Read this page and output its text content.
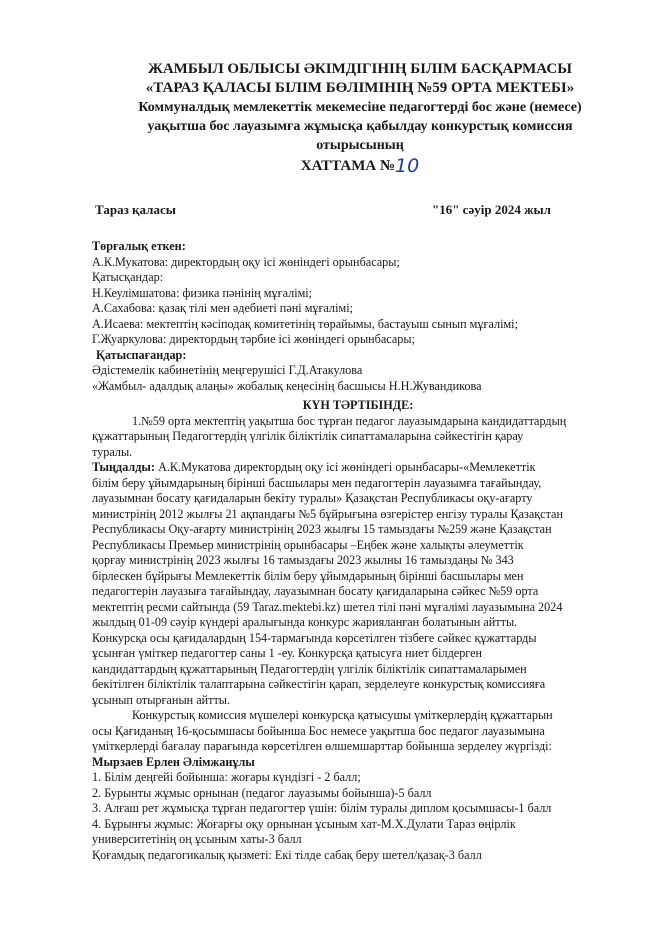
ЖАМБЫЛ ОБЛЫСЫ ӘКІМДІГІНІҢ БІЛІМ БАСҚАРМАСЫ
«ТАРАЗ ҚАЛАСЫ БІЛІМ БӨЛІМІНІҢ №59 ОРТА МЕКТЕБІ»
Коммуналдық мемлекеттік мекемесіне педагогтерді бос және (немесе)
уақытша бос лауазымға жұмысқа қабылдау конкурстық комиссия
отырысының
ХАТТАМА №10
Тараз қаласы	"16" сәуір 2024 жыл
Төрғалық еткен:
А.К.Мукатова: директордың оқу ісі жөніндегі орынбасары;
Қатысқандар:
Н.Кеулімшатова: физика пәнінің мұғалімі;
А.Сахабова: қазақ тілі мен әдебиеті пәні мұғалімі;
А.Исаева: мектептің кәсіподақ комитетінің төрайымы, бастауыш сынып мұғалімі;
Г.Жуаркулова: директордың тәрбие ісі жөніндегі орынбасары;
Қатыспағандар:
Әдістемелік кабинетінің меңгерушісі Г.Д.Атакулова
«Жамбыл- адалдық алаңы» жобалық кеңесінің басшысы Н.Н.Жувандикова
КҮН ТӘРТІБІНДЕ:
1.№59 орта мектептің уақытша бос тұрған педагог лауазымдарына кандидаттардың
құжаттарының Педагогтердің үлгілік біліктілік сипаттамаларына сәйкестігін қарау
туралы.
Тыңдалды: А.К.Мукатова директордың оқу ісі жөніндегі орынбасары-«Мемлекеттік
білім беру ұйымдарының бірінші басшылары мен педагогтерін лауазымға тағайындау,
лауазымнан босату қағидаларын бекіту туралы» Қазақстан Республикасы оқу-ағарту
министрінің 2012 жылғы 21 ақпандағы №5 бұйрығына өзгерістер енгізу туралы Қазақстан
Республикасы Оқу-ағарту министрінің 2023 жылғы 15 тамыздағы №259 және Қазақстан
Республикасы Премьер министрінің орынбасары –Еңбек және халықты әлеуметтік
қорғау министрінің 2023 жылғы 16 тамыздағы 2023 жылны 16 тамыздаңы № 343
бірлескен бұйрығы Мемлекеттік білім беру ұйымдарының бірінші басшылары мен
педагогтерін лауазыға тағайындау, лауазымнан босату қағидаларына сәйкес №59 орта
мектептің ресми сайтында (59 Taraz.mektebi.kz) шетел тілі пәні мұғалімі лауазымына 2024
жылдың 01-09 сәуір күндері аралығында конкурс жарияланған болатынын айтты.
Конкурсқа осы қағидалардың 154-тармағында көрсетілген тізбеге сәйкес құжаттарды
ұсынған үміткер педагогтер саны 1 -еу. Конкурсқа қатысуға ниет білдерген
кандидаттардың құжаттарының Педагогтердің үлгілік біліктілік сипаттамаларымен
бекітілген біліктілік талаптарына сәйкестігін қарап, зерделеуге конкурстық комиссияға
ұсынып отырғанын айтты.
Конкурстық комиссия мүшелері конкурсқа қатысушы үміткерлердің құжаттарын
осы Қағиданың 16-қосымшасы бойынша Бос немесе уақытша бос педагог лауазымына
үміткерлерді бағалау парағында көрсетілген өлшемшарттар бойынша зерделеу жүргізді:
Мырзаев Ерлен Әлімжанұлы
1. Білім деңгейі бойынша: жоғары күндізгі - 2 балл;
2. Бурынты жұмыс орнынан (педагог лауазымы бойынша)-5 балл
3. Алғаш рет жұмысқа тұрған педагогтер үшін: білім туралы диплом қосымшасы-1 балл
4. Бұрынғы жұмыс: Жоғарғы оқу орнынан ұсыным хат-М.Х.Дулати Тараз өңірлік
университетінің оң ұсыным хаты-3 балл
Қоғамдық педагогикалық қызметі: Екі тілде сабақ беру шетел/қазақ-3 балл
